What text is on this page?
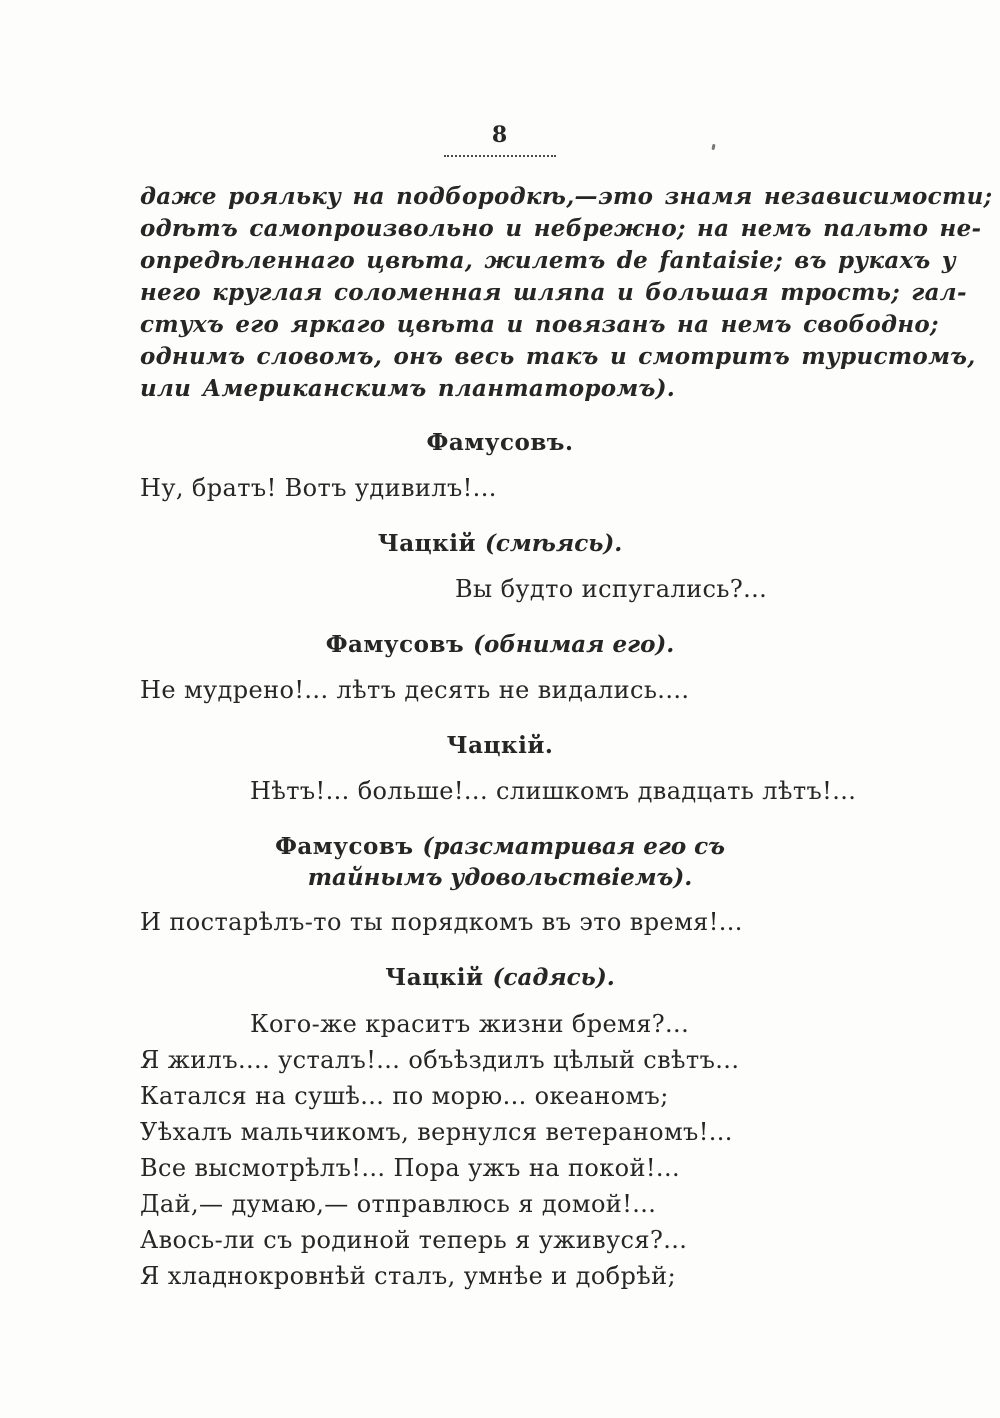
8
даже рояльку на подбородкѣ,—это знамя независимости;
одѣтъ самопроизвольно и небрежно; на немъ пальто не-
опредѣленнаго цвѣта, жилетъ de fantaisie; въ рукахъ у
него круглая соломенная шляпа и большая трость; гал-
стухъ его яркаго цвѣта и повязанъ на немъ свободно;
однимъ словомъ, онъ весь такъ и смотритъ туристомъ,
или Американскимъ плантаторомъ).
Фамусовъ.
Ну, братъ! Вотъ удивилъ!...
Чацкій (смѣясь).
Вы будто испугались?...
Фамусовъ (обнимая его).
Не мудрено!... лѣтъ десять не видались....
Чацкій.
Нѣтъ!... больше!... слишкомъ двадцать лѣтъ!...
Фамусовъ (разсматривая его съ
тайнымъ удовольствіемъ).
И постарѣлъ-то ты порядкомъ въ это время!...
Чацкій (садясь).
Кого-же краситъ жизни бремя?...
Я жилъ.... усталъ!... объѣздилъ цѣлый свѣтъ...
Катался на сушѣ... по морю... океаномъ;
Уѣхалъ мальчикомъ, вернулся ветераномъ!...
Все высмотрѣлъ!... Пора ужъ на покой!...
Дай,— думаю,— отправлюсь я домой!...
Авось-ли съ родиной теперь я уживуся?...
Я хладнокровнѣй сталъ, умнѣе и добрѣй;
